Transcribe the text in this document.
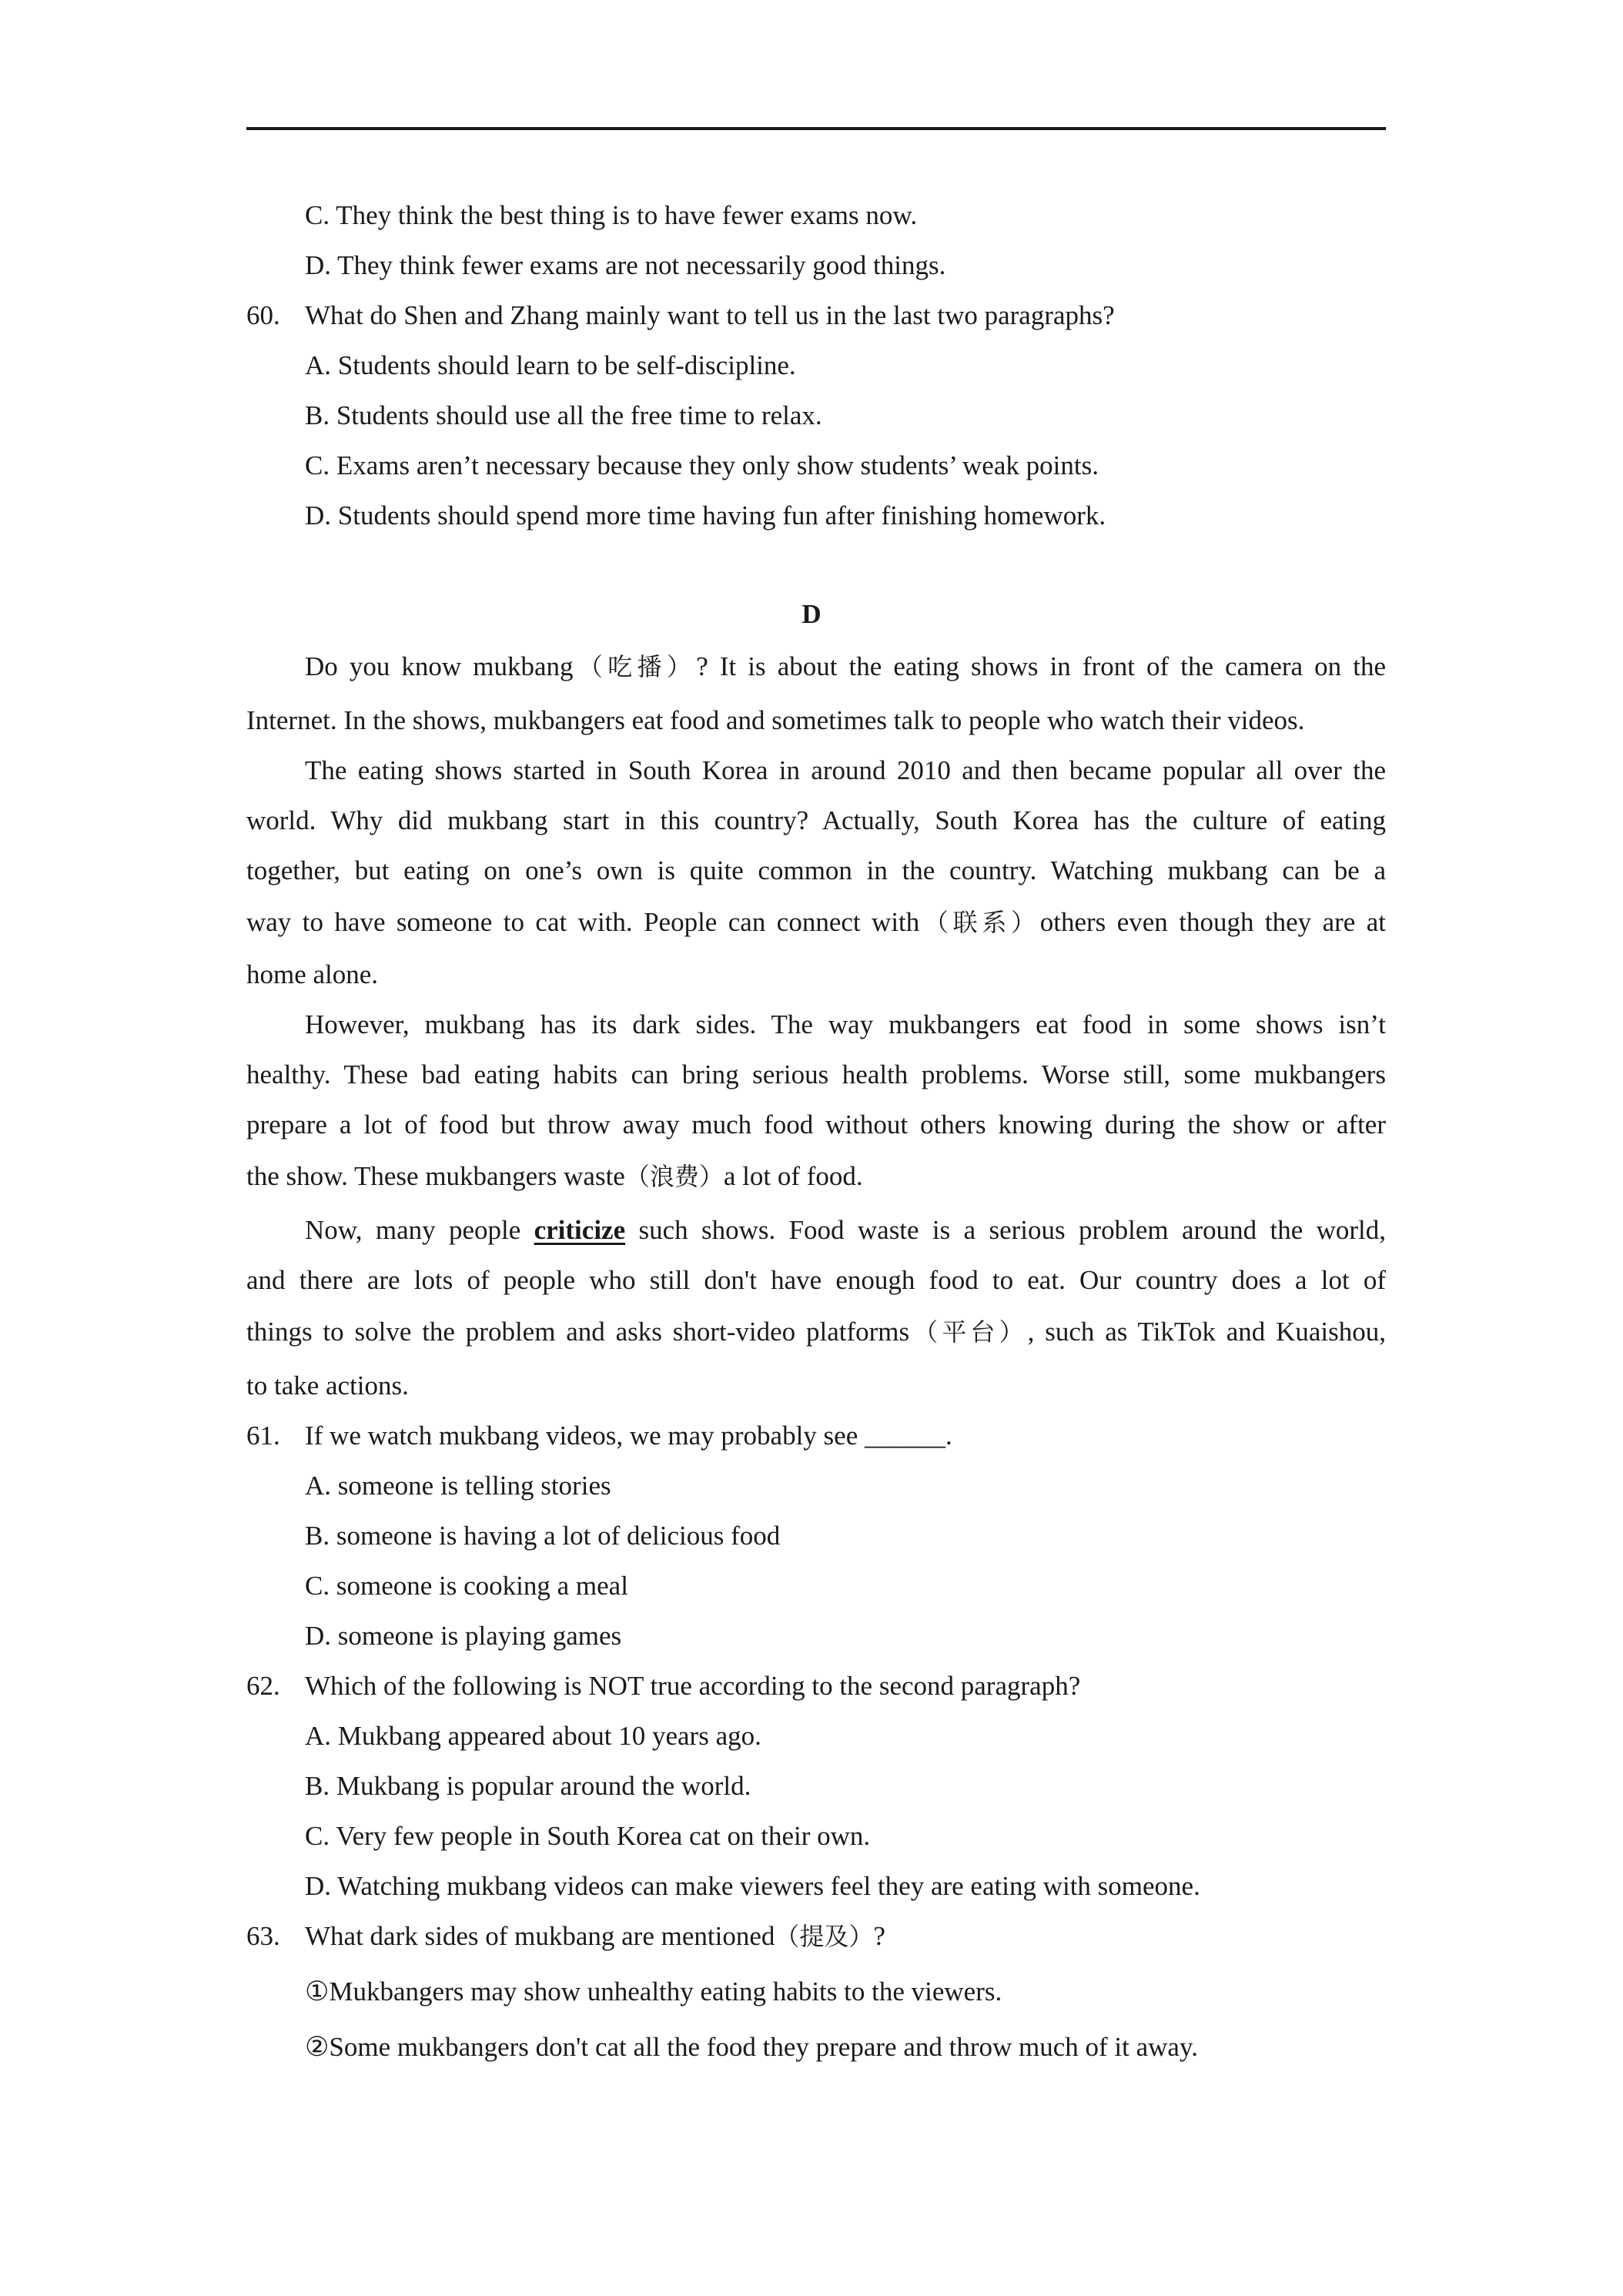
C. They think the best thing is to have fewer exams now.
D. They think fewer exams are not necessarily good things.
60. What do Shen and Zhang mainly want to tell us in the last two paragraphs?
A. Students should learn to be self-discipline.
B. Students should use all the free time to relax.
C. Exams aren’t necessary because they only show students’ weak points.
D. Students should spend more time having fun after finishing homework.
D
Do you know mukbang（吃播）? It is about the eating shows in front of the camera on the
Internet. In the shows, mukbangers eat food and sometimes talk to people who watch their videos.
The eating shows started in South Korea in around 2010 and then became popular all over the
world. Why did mukbang start in this country? Actually, South Korea has the culture of eating
together, but eating on one’s own is quite common in the country. Watching mukbang can be a
way to have someone to cat with. People can connect with（联系）others even though they are at
home alone.
However, mukbang has its dark sides. The way mukbangers eat food in some shows isn’t
healthy. These bad eating habits can bring serious health problems. Worse still, some mukbangers
prepare a lot of food but throw away much food without others knowing during the show or after
the show. These mukbangers waste（浪费）a lot of food.
Now, many people criticize such shows. Food waste is a serious problem around the world,
and there are lots of people who still don't have enough food to eat. Our country does a lot of
things to solve the problem and asks short-video platforms（平台）, such as TikTok and Kuaishou,
to take actions.
61. If we watch mukbang videos, we may probably see ______.
A. someone is telling stories
B. someone is having a lot of delicious food
C. someone is cooking a meal
D. someone is playing games
62. Which of the following is NOT true according to the second paragraph?
A. Mukbang appeared about 10 years ago.
B. Mukbang is popular around the world.
C. Very few people in South Korea cat on their own.
D. Watching mukbang videos can make viewers feel they are eating with someone.
63. What dark sides of mukbang are mentioned（提及）?
①Mukbangers may show unhealthy eating habits to the viewers.
②Some mukbangers don't cat all the food they prepare and throw much of it away.
